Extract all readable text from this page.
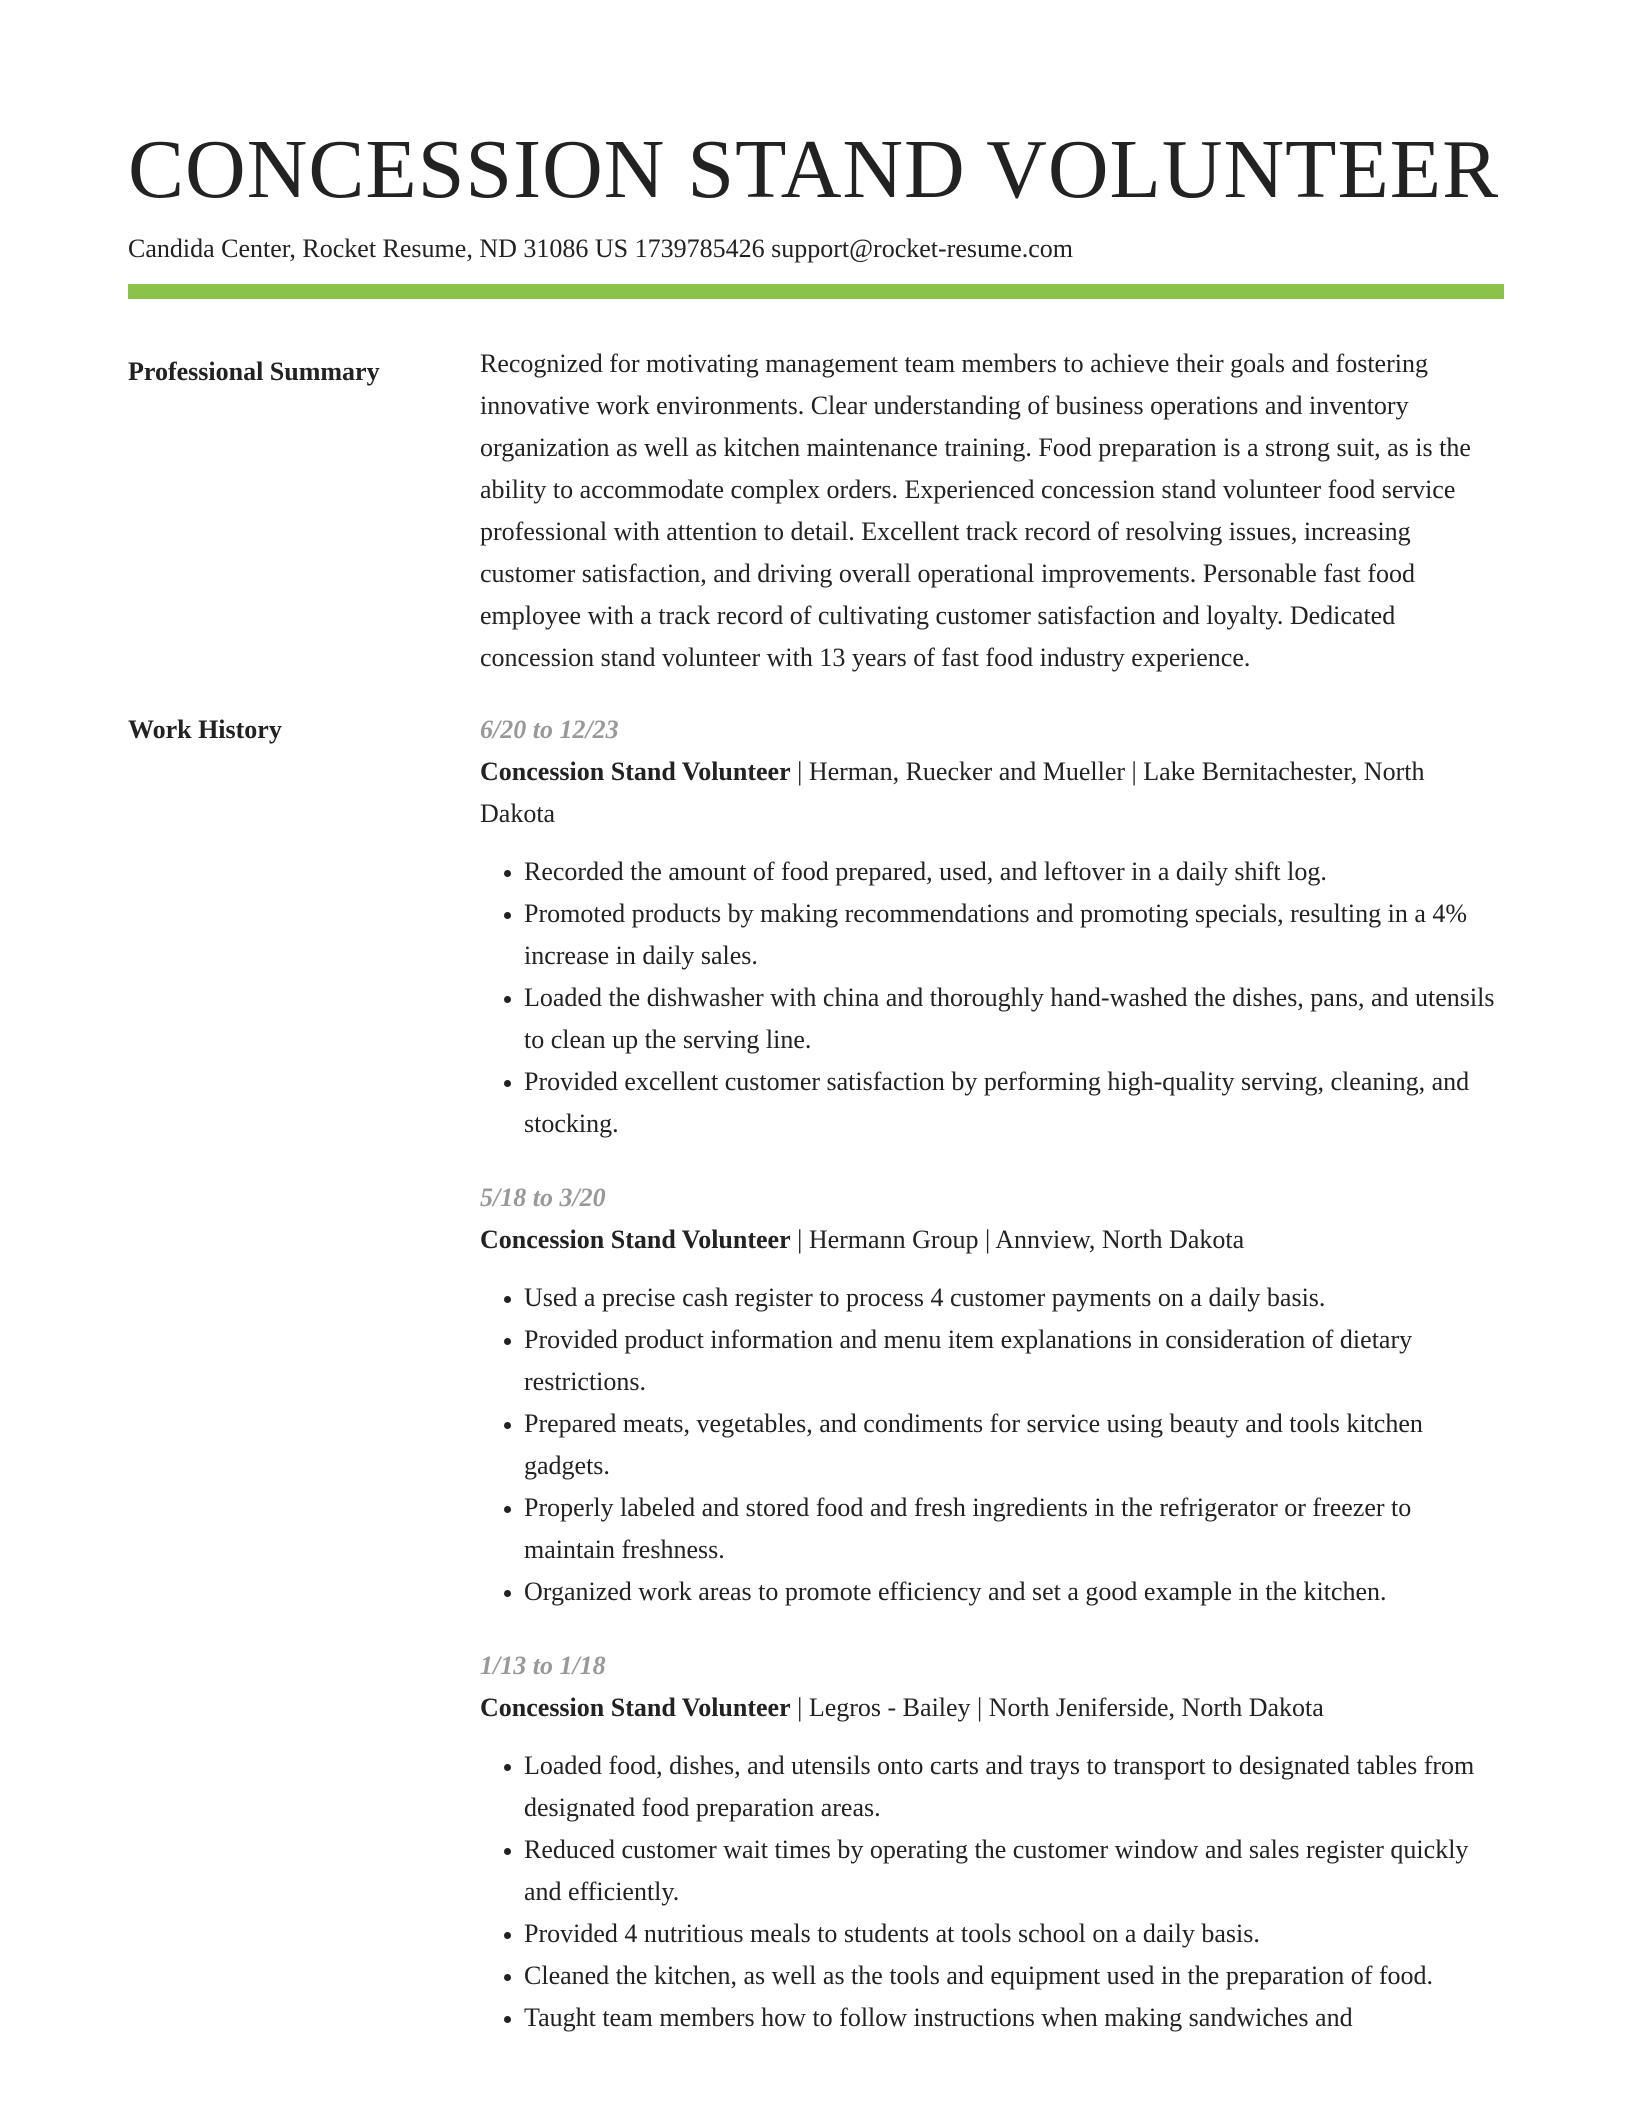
CONCESSION STAND VOLUNTEER
Candida Center, Rocket Resume, ND 31086 US 1739785426 support@rocket-resume.com
Professional Summary	Recognized for motivating management team members to achieve their goals and fostering innovative work environments. Clear understanding of business operations and inventory organization as well as kitchen maintenance training. Food preparation is a strong suit, as is the ability to accommodate complex orders. Experienced concession stand volunteer food service professional with attention to detail. Excellent track record of resolving issues, increasing customer satisfaction, and driving overall operational improvements. Personable fast food employee with a track record of cultivating customer satisfaction and loyalty. Dedicated concession stand volunteer with 13 years of fast food industry experience.

Work History	6/20 to 12/23
Concession Stand Volunteer | Herman, Ruecker and Mueller | Lake Bernitachester, North Dakota
• Recorded the amount of food prepared, used, and leftover in a daily shift log.
• Promoted products by making recommendations and promoting specials, resulting in a 4% increase in daily sales.
• Loaded the dishwasher with china and thoroughly hand-washed the dishes, pans, and utensils to clean up the serving line.
• Provided excellent customer satisfaction by performing high-quality serving, cleaning, and stocking.
5/18 to 3/20
Concession Stand Volunteer | Hermann Group | Annview, North Dakota
• Used a precise cash register to process 4 customer payments on a daily basis.
• Provided product information and menu item explanations in consideration of dietary restrictions.
• Prepared meats, vegetables, and condiments for service using beauty and tools kitchen gadgets.
• Properly labeled and stored food and fresh ingredients in the refrigerator or freezer to maintain freshness.
• Organized work areas to promote efficiency and set a good example in the kitchen.
1/13 to 1/18
Concession Stand Volunteer | Legros - Bailey | North Jeniferside, North Dakota
• Loaded food, dishes, and utensils onto carts and trays to transport to designated tables from designated food preparation areas.
• Reduced customer wait times by operating the customer window and sales register quickly and efficiently.
• Provided 4 nutritious meals to students at tools school on a daily basis.
• Cleaned the kitchen, as well as the tools and equipment used in the preparation of food.
• Taught team members how to follow instructions when making sandwiches and
